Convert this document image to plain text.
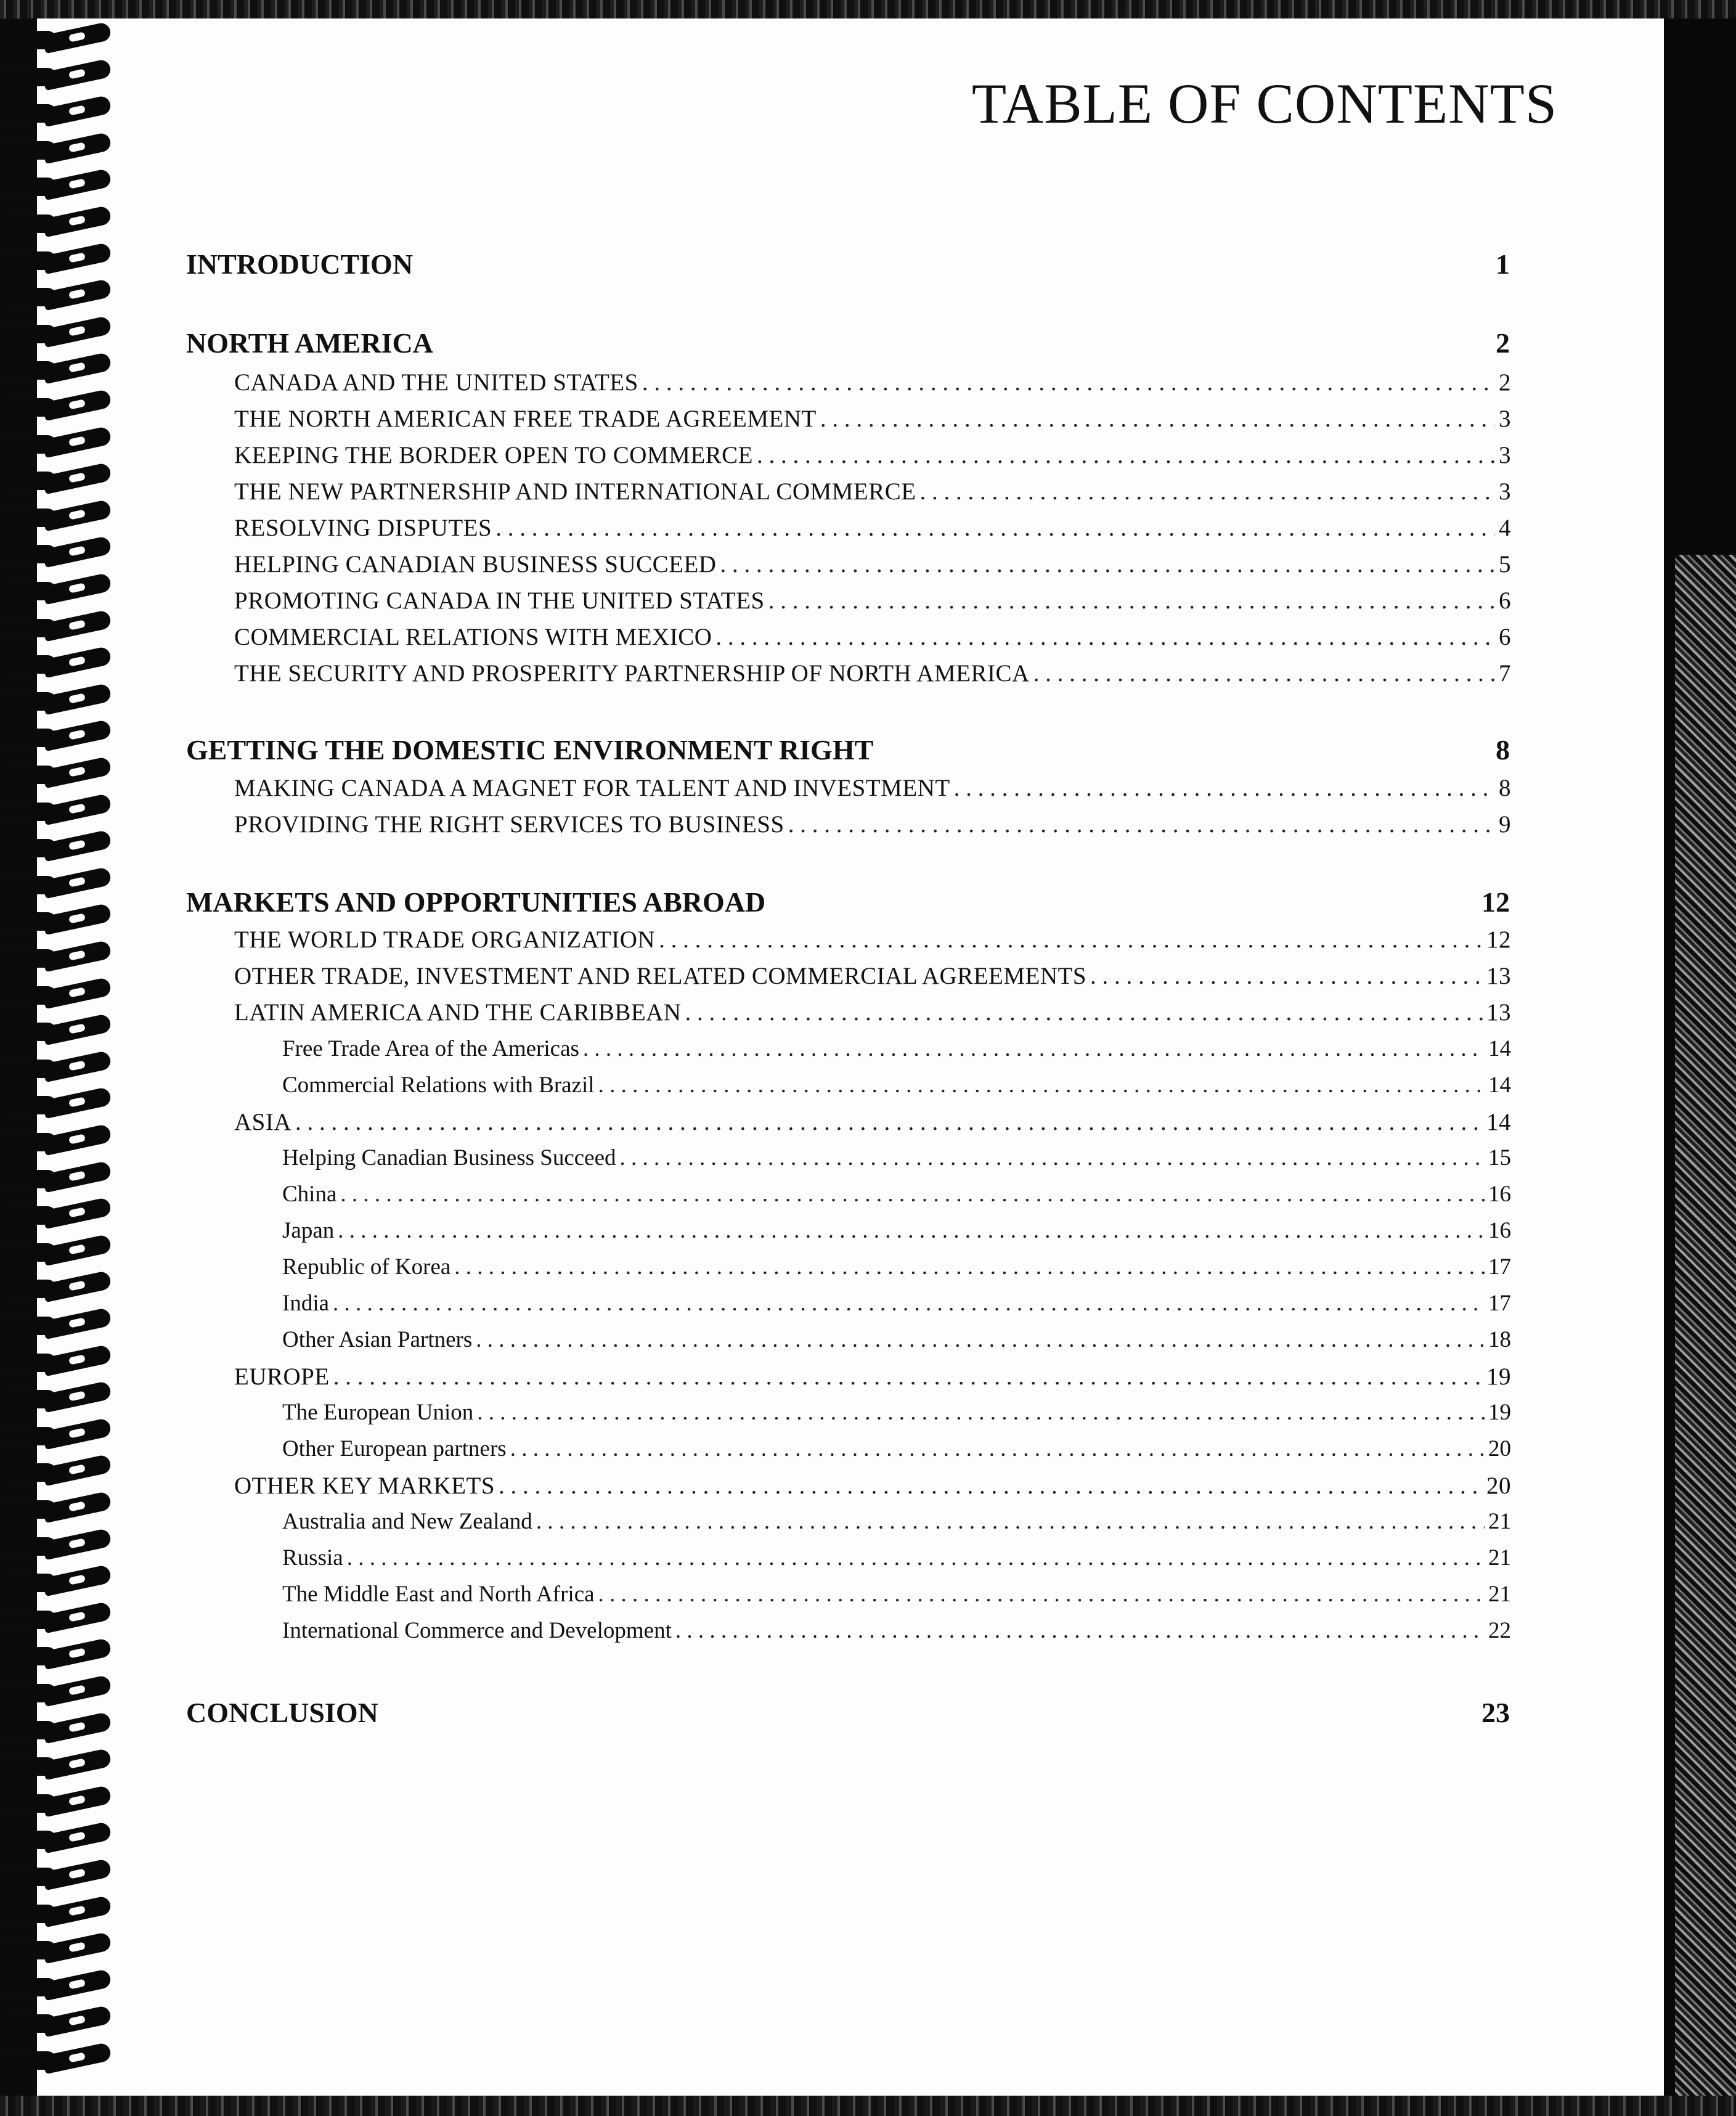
TABLE OF CONTENTS
INTRODUCTION	1
NORTH AMERICA	2
CANADA AND THE UNITED STATES . . .	2
THE NORTH AMERICAN FREE TRADE AGREEMENT . . .	3
KEEPING THE BORDER OPEN TO COMMERCE . . .	3
THE NEW PARTNERSHIP AND INTERNATIONAL COMMERCE . . .	3
RESOLVING DISPUTES . . .	4
HELPING CANADIAN BUSINESS SUCCEED . . .	5
PROMOTING CANADA IN THE UNITED STATES . . .	6
COMMERCIAL RELATIONS WITH MEXICO . . .	6
THE SECURITY AND PROSPERITY PARTNERSHIP OF NORTH AMERICA . . .	7
GETTING THE DOMESTIC ENVIRONMENT RIGHT	8
MAKING CANADA A MAGNET FOR TALENT AND INVESTMENT . . .	8
PROVIDING THE RIGHT SERVICES TO BUSINESS . . .	9
MARKETS AND OPPORTUNITIES ABROAD	12
THE WORLD TRADE ORGANIZATION . . .	12
OTHER TRADE, INVESTMENT AND RELATED COMMERCIAL AGREEMENTS . . .	13
LATIN AMERICA AND THE CARIBBEAN . . .	13
Free Trade Area of the Americas . . .	14
Commercial Relations with Brazil . . .	14
ASIA . . .	14
Helping Canadian Business Succeed . . .	15
China . . .	16
Japan . . .	16
Republic of Korea . . .	17
India . . .	17
Other Asian Partners . . .	18
EUROPE . . .	19
The European Union . . .	19
Other European partners . . .	20
OTHER KEY MARKETS . . .	20
Australia and New Zealand . . .	21
Russia . . .	21
The Middle East and North Africa . . .	21
International Commerce and Development . . .	22
CONCLUSION	23
